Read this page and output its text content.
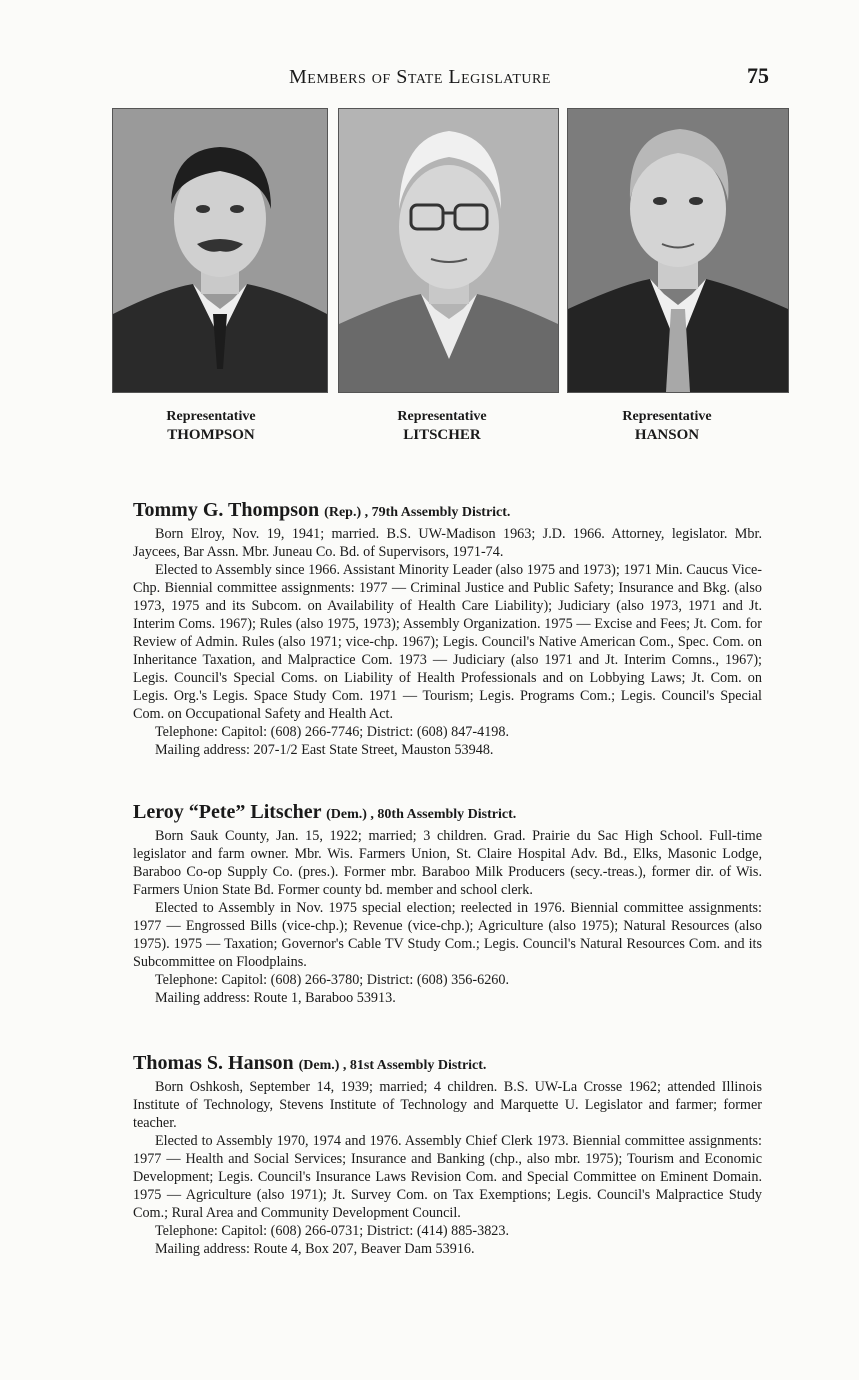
Members of State Legislature	75
Representative
THOMPSON
Representative
LITSCHER
Representative
HANSON
Tommy G. Thompson (Rep.) , 79th Assembly District.

Born Elroy, Nov. 19, 1941; married. B.S. UW-Madison 1963; J.D. 1966. Attorney, legislator. Mbr. Jaycees, Bar Assn. Mbr. Juneau Co. Bd. of Supervisors, 1971-74.

Elected to Assembly since 1966. Assistant Minority Leader (also 1975 and 1973); 1971 Min. Caucus Vice-Chp. Biennial committee assignments: 1977 — Criminal Justice and Public Safety; Insurance and Bkg. (also 1973, 1975 and its Subcom. on Availability of Health Care Liability); Judiciary (also 1973, 1971 and Jt. Interim Coms. 1967); Rules (also 1975, 1973); Assembly Organization. 1975 — Excise and Fees; Jt. Com. for Review of Admin. Rules (also 1971; vice-chp. 1967); Legis. Council's Native American Com., Spec. Com. on Inheritance Taxation, and Malpractice Com. 1973 — Judiciary (also 1971 and Jt. Interim Comns., 1967); Legis. Council's Special Coms. on Liability of Health Professionals and on Lobbying Laws; Jt. Com. on Legis. Org.'s Legis. Space Study Com. 1971 — Tourism; Legis. Programs Com.; Legis. Council's Special Com. on Occupational Safety and Health Act.

Telephone: Capitol: (608) 266-7746; District: (608) 847-4198.

Mailing address: 207-1/2 East State Street, Mauston 53948.

Leroy “Pete” Litscher (Dem.) , 80th Assembly District.

Born Sauk County, Jan. 15, 1922; married; 3 children. Grad. Prairie du Sac High School. Full-time legislator and farm owner. Mbr. Wis. Farmers Union, St. Claire Hospital Adv. Bd., Elks, Masonic Lodge, Baraboo Co-op Supply Co. (pres.). Former mbr. Baraboo Milk Producers (secy.-treas.), former dir. of Wis. Farmers Union State Bd. Former county bd. member and school clerk.

Elected to Assembly in Nov. 1975 special election; reelected in 1976. Biennial committee assignments: 1977 — Engrossed Bills (vice-chp.); Revenue (vice-chp.); Agriculture (also 1975); Natural Resources (also 1975). 1975 — Taxation; Governor's Cable TV Study Com.; Legis. Council's Natural Resources Com. and its Subcommittee on Floodplains.

Telephone: Capitol: (608) 266-3780; District: (608) 356-6260.

Mailing address: Route 1, Baraboo 53913.

Thomas S. Hanson (Dem.) , 81st Assembly District.

Born Oshkosh, September 14, 1939; married; 4 children. B.S. UW-La Crosse 1962; attended Illinois Institute of Technology, Stevens Institute of Technology and Marquette U. Legislator and farmer; former teacher.

Elected to Assembly 1970, 1974 and 1976. Assembly Chief Clerk 1973. Biennial committee assignments: 1977 — Health and Social Services; Insurance and Banking (chp., also mbr. 1975); Tourism and Economic Development; Legis. Council's Insurance Laws Revision Com. and Special Committee on Eminent Domain. 1975 — Agriculture (also 1971); Jt. Survey Com. on Tax Exemptions; Legis. Council's Malpractice Study Com.; Rural Area and Community Development Council.

Telephone: Capitol: (608) 266-0731; District: (414) 885-3823.

Mailing address: Route 4, Box 207, Beaver Dam 53916.
